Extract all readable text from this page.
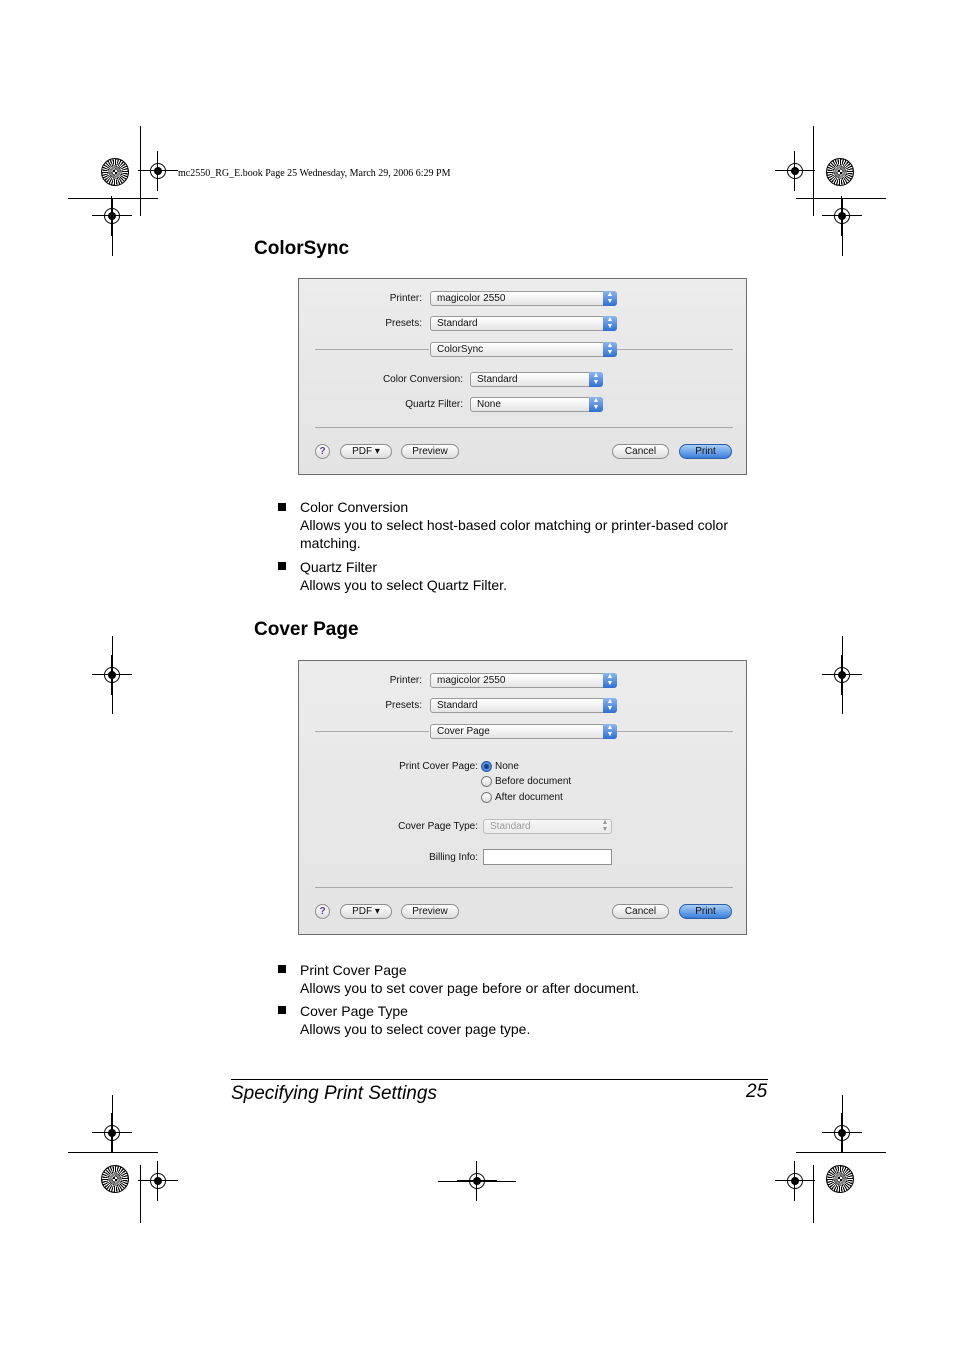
mc2550_RG_E.book Page 25 Wednesday, March 29, 2006 6:29 PM
ColorSync
Printer:	magicolor 2550	▲
▼
Presets:	Standard	▲
▼
ColorSync	▲
▼
Color Conversion:	Standard	▲
▼
Quartz Filter:	None	▲
▼
?	PDF ▾	Preview	Cancel	Print
Color Conversion
Allows you to select host-based color matching or printer-based color matching.
Quartz Filter
Allows you to select Quartz Filter.
Cover Page
Printer:	magicolor 2550	▲
▼
Presets:	Standard	▲
▼
Cover Page	▲
▼
Print Cover Page: None
Before document
After document
Cover Page Type:	Standard	▲
▼
Billing Info:
?	PDF ▾	Preview	Cancel	Print
Print Cover Page
Allows you to set cover page before or after document.
Cover Page Type
Allows you to select cover page type.
Specifying Print Settings	25
